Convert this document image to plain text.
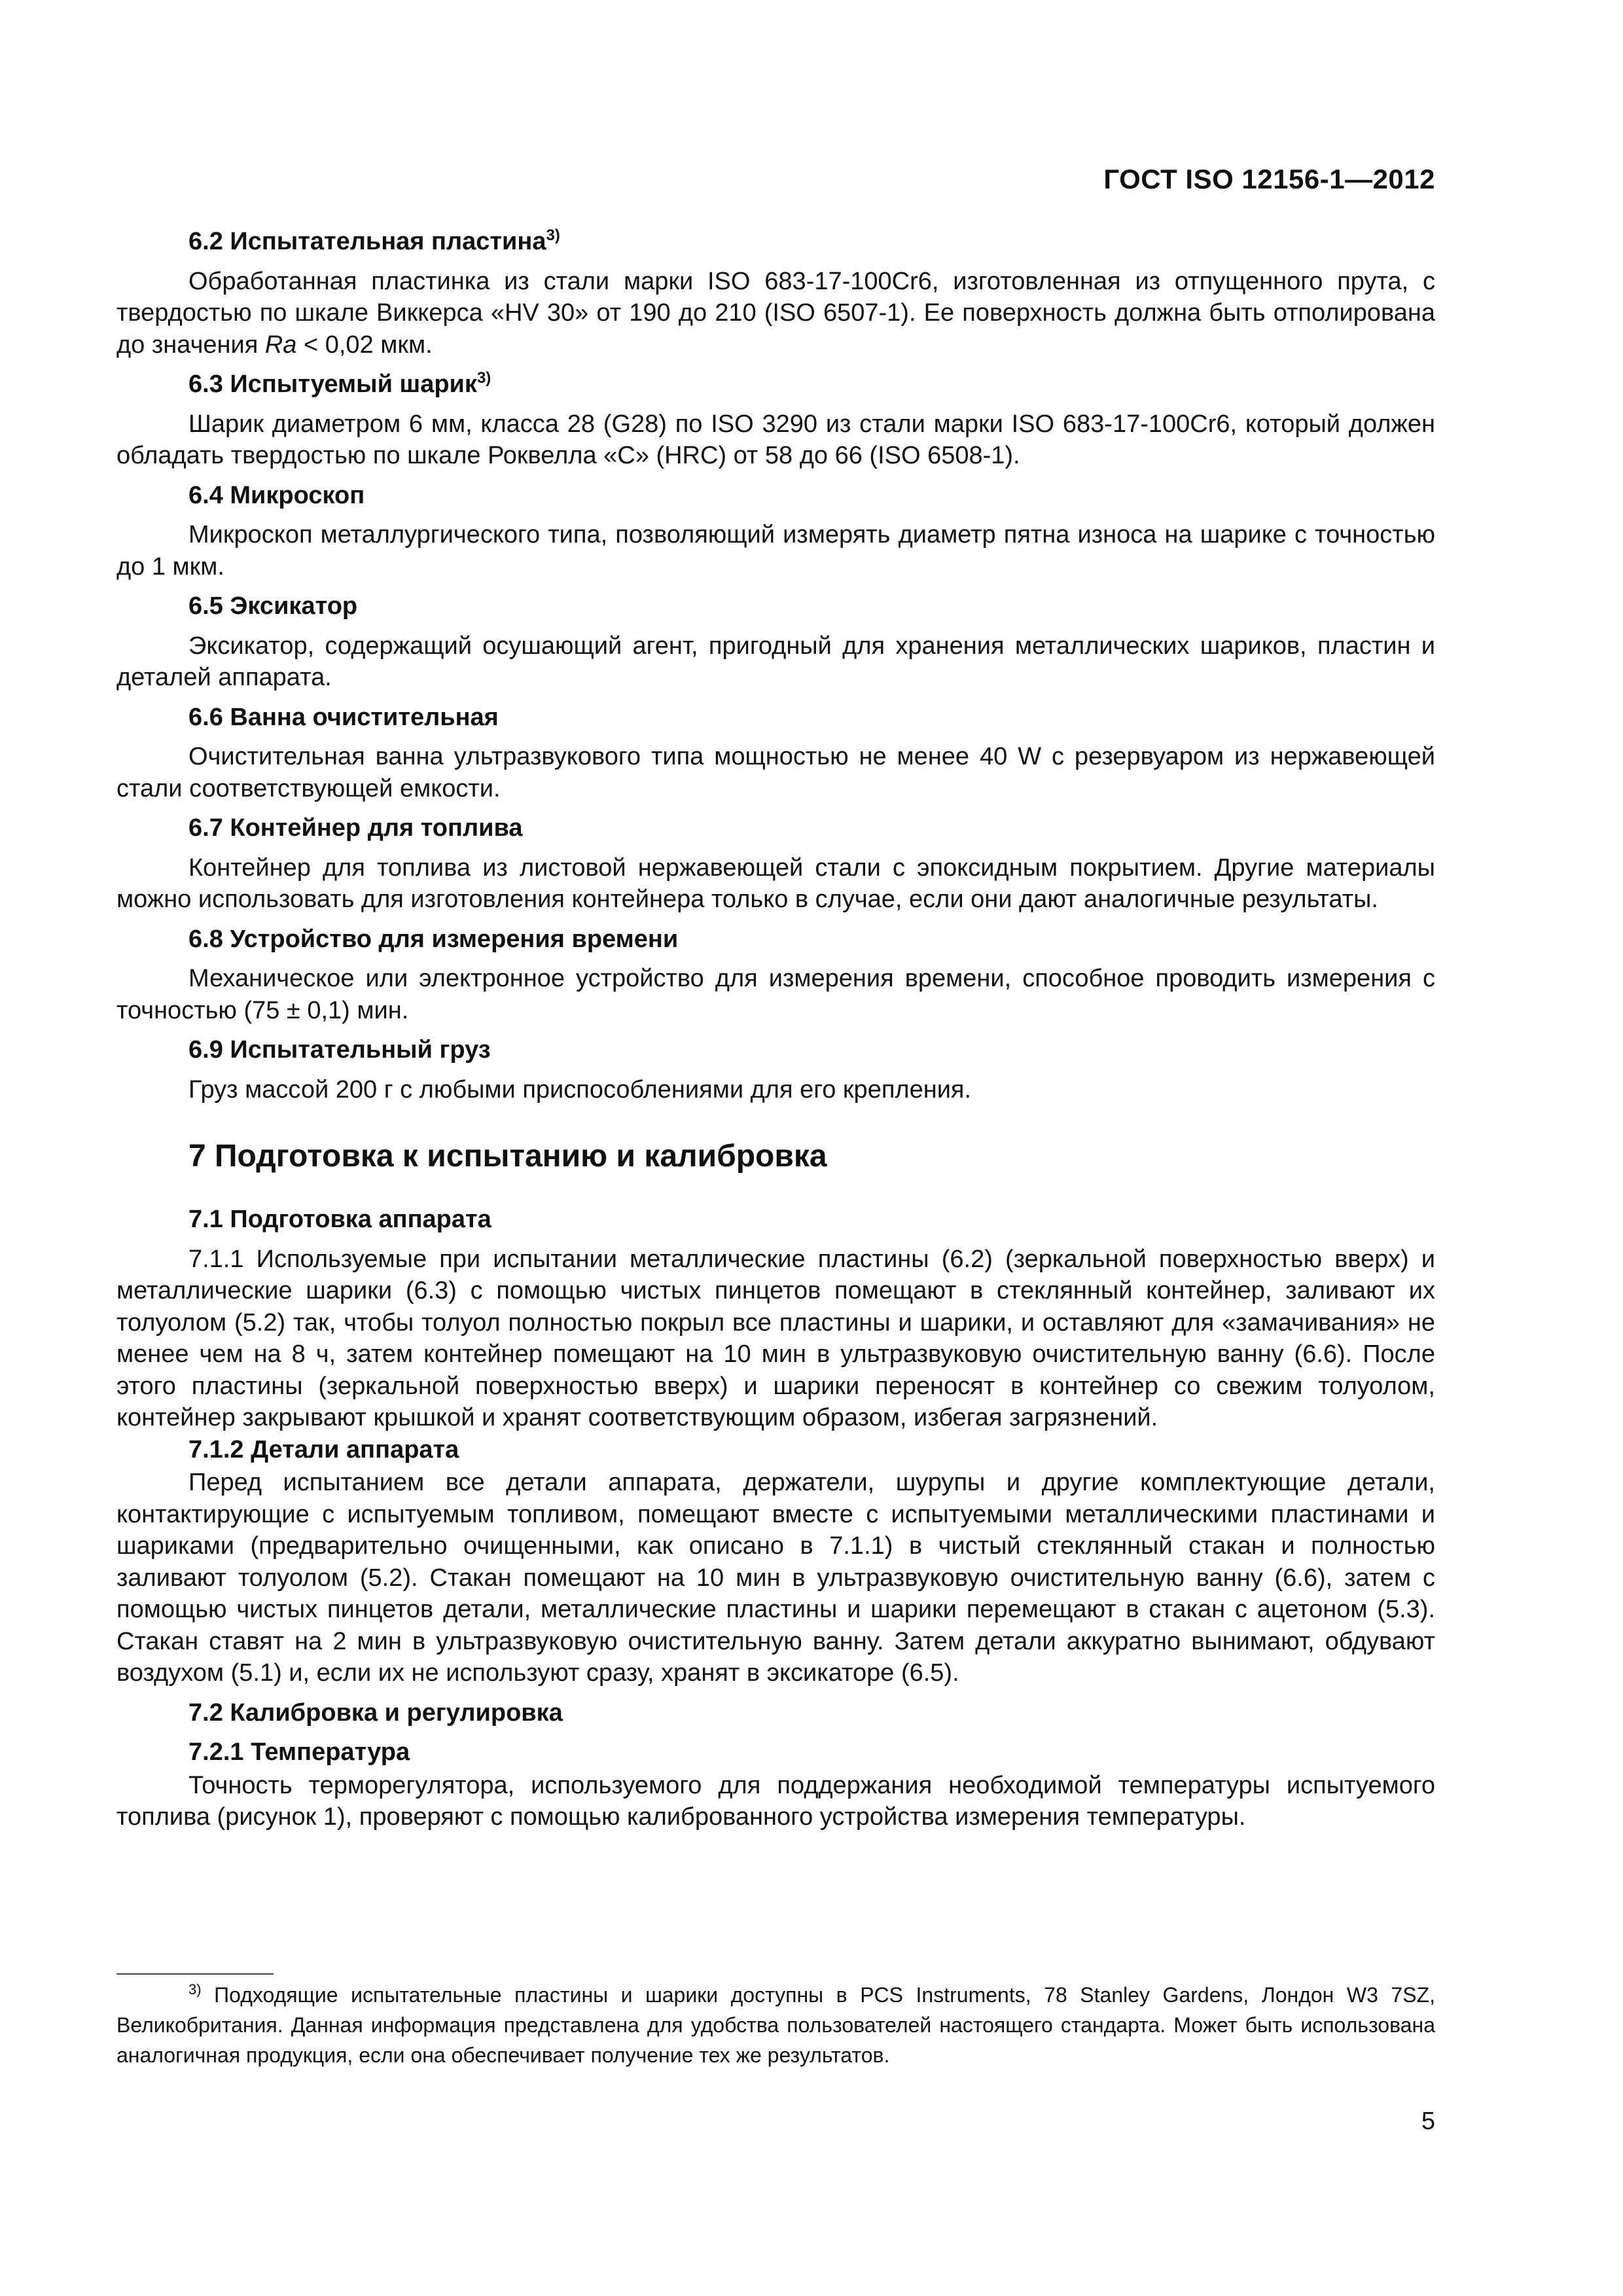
ГОСТ ISO 12156-1—2012
6.2 Испытательная пластина$^{3)}$
Обработанная пластинка из стали марки ISO 683-17-100Cr6, изготовленная из отпущенного прута, с твердостью по шкале Виккерса «HV 30» от 190 до 210 (ISO 6507-1). Ее поверхность должна быть отполирована до значения Ra < 0,02 мкм.
6.3 Испытуемый шарик$^{3)}$
Шарик диаметром 6 мм, класса 28 (G28) по ISO 3290 из стали марки ISO 683-17-100Cr6, который должен обладать твердостью по шкале Роквелла «С» (HRC) от 58 до 66 (ISO 6508-1).
6.4 Микроскоп
Микроскоп металлургического типа, позволяющий измерять диаметр пятна износа на шарике с точностью до 1 мкм.
6.5 Эксикатор
Эксикатор, содержащий осушающий агент, пригодный для хранения металлических шариков, пластин и деталей аппарата.
6.6 Ванна очистительная
Очистительная ванна ультразвукового типа мощностью не менее 40 W с резервуаром из нержавеющей стали соответствующей емкости.
6.7 Контейнер для топлива
Контейнер для топлива из листовой нержавеющей стали с эпоксидным покрытием. Другие материалы можно использовать для изготовления контейнера только в случае, если они дают аналогичные результаты.
6.8 Устройство для измерения времени
Механическое или электронное устройство для измерения времени, способное проводить измерения с точностью (75 ± 0,1) мин.
6.9 Испытательный груз
Груз массой 200 г с любыми приспособлениями для его крепления.
7 Подготовка к испытанию и калибровка
7.1 Подготовка аппарата
7.1.1 Используемые при испытании металлические пластины (6.2) (зеркальной поверхностью вверх) и металлические шарики (6.3) с помощью чистых пинцетов помещают в стеклянный контейнер, заливают их толуолом (5.2) так, чтобы толуол полностью покрыл все пластины и шарики, и оставляют для «замачивания» не менее чем на 8 ч, затем контейнер помещают на 10 мин в ультразвуковую очистительную ванну (6.6). После этого пластины (зеркальной поверхностью вверх) и шарики переносят в контейнер со свежим толуолом, контейнер закрывают крышкой и хранят соответствующим образом, избегая загрязнений.
7.1.2 Детали аппарата
Перед испытанием все детали аппарата, держатели, шурупы и другие комплектующие детали, контактирующие с испытуемым топливом, помещают вместе с испытуемыми металлическими пластинами и шариками (предварительно очищенными, как описано в 7.1.1) в чистый стеклянный стакан и полностью заливают толуолом (5.2). Стакан помещают на 10 мин в ультразвуковую очистительную ванну (6.6), затем с помощью чистых пинцетов детали, металлические пластины и шарики перемещают в стакан с ацетоном (5.3). Стакан ставят на 2 мин в ультразвуковую очистительную ванну. Затем детали аккуратно вынимают, обдувают воздухом (5.1) и, если их не используют сразу, хранят в эксикаторе (6.5).
7.2 Калибровка и регулировка
7.2.1 Температура
Точность терморегулятора, используемого для поддержания необходимой температуры испытуемого топлива (рисунок 1), проверяют с помощью калиброванного устройства измерения температуры.
$^{3)}$ Подходящие испытательные пластины и шарики доступны в PCS Instruments, 78 Stanley Gardens, Лондон W3 7SZ, Великобритания. Данная информация представлена для удобства пользователей настоящего стандарта. Может быть использована аналогичная продукция, если она обеспечивает получение тех же результатов.
5
